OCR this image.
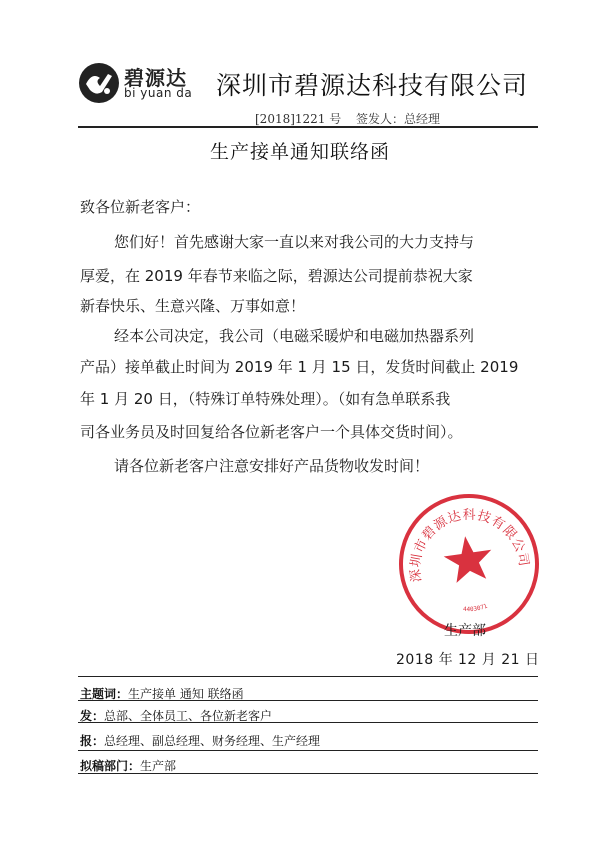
碧源达
bi yuan da 深圳市碧源达科技有限公司
[2018]1221 号 签发人：总经理
生产接单通知联络函
致各位新老客户：
您们好！首先感谢大家一直以来对我公司的大力支持与
厚爱，在 2019 年春节来临之际，碧源达公司提前恭祝大家
新春快乐、生意兴隆、万事如意！
经本公司决定，我公司（电磁采暖炉和电磁加热器系列
产品）接单截止时间为 2019 年 1 月 15 日，发货时间截止 2019
年 1 月 20 日，（特殊订单特殊处理）。（如有急单联系我
司各业务员及时回复给各位新老客户一个具体交货时间）。
请各位新老客户注意安排好产品货物收发时间！
深圳市碧源达科技有限公司
4403071
生产部
2018 年 12 月 21 日
主题词：生产接单 通知 联络函
发：总部、全体员工、各位新老客户
报：总经理、副总经理、财务经理、生产经理
拟稿部门：生产部
